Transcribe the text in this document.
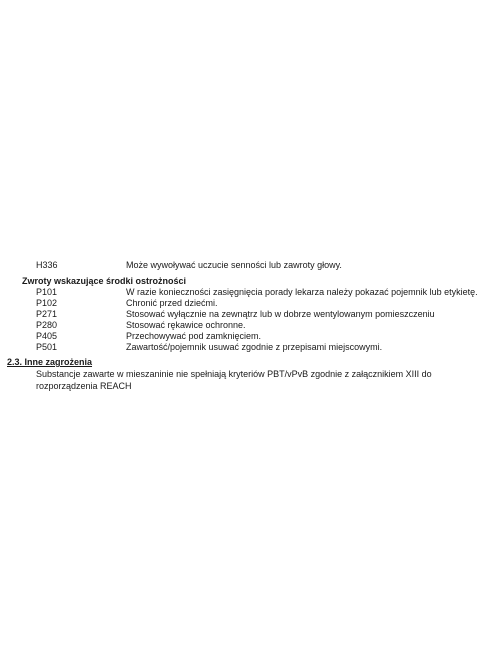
H336	Może wywoływać uczucie senności lub zawroty głowy.
Zwroty wskazujące środki ostrożności
P101	W razie konieczności zasięgnięcia porady lekarza należy pokazać pojemnik lub etykietę.
P102	Chronić przed dziećmi.
P271	Stosować wyłącznie na zewnątrz lub w dobrze wentylowanym pomieszczeniu
P280	Stosować rękawice ochronne.
P405	Przechowywać pod zamknięciem.
P501	Zawartość/pojemnik usuwać zgodnie z przepisami miejscowymi.
2.3. Inne zagrożenia
Substancje zawarte w mieszaninie nie spełniają kryteriów PBT/vPvB zgodnie z załącznikiem XIII do rozporządzenia REACH
